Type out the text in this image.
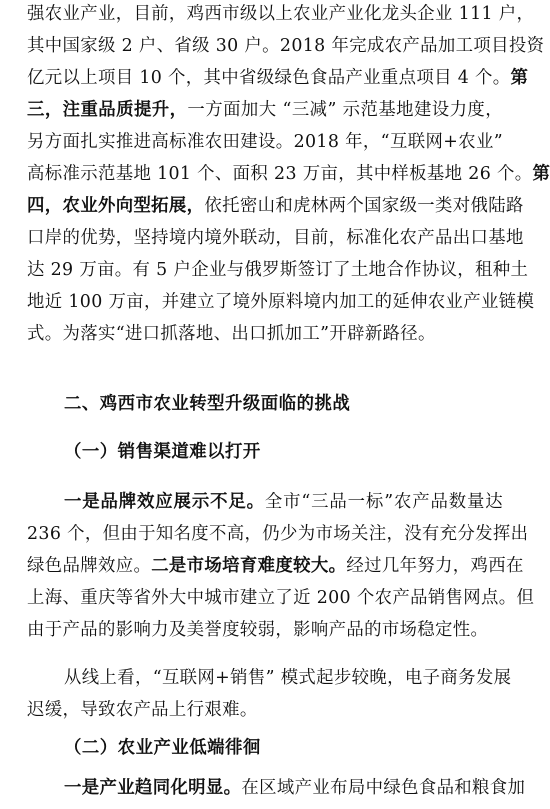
强农业产业，目前，鸡西市级以上农业产业化龙头企业 111 户，
其中国家级 2 户、省级 30 户。2018 年完成农产品加工项目投资
亿元以上项目 10 个，其中省级绿色食品产业重点项目 4 个。第
三，注重品质提升，一方面加大 “三减” 示范基地建设力度，
另方面扎实推进高标准农田建设。2018 年，“互联网+农业”
高标准示范基地 101 个、面积 23 万亩，其中样板基地 26 个。第
四，农业外向型拓展，依托密山和虎林两个国家级一类对俄陆路
口岸的优势，坚持境内境外联动，目前，标准化农产品出口基地
达 29 万亩。有 5 户企业与俄罗斯签订了土地合作协议，租种土
地近 100 万亩，并建立了境外原料境内加工的延伸农业产业链模
式。为落实“进口抓落地、出口抓加工”开辟新路径。
二、鸡西市农业转型升级面临的挑战
（一）销售渠道难以打开
一是品牌效应展示不足。全市“三品一标”农产品数量达
236 个，但由于知名度不高，仍少为市场关注，没有充分发挥出
绿色品牌效应。二是市场培育难度较大。经过几年努力，鸡西在
上海、重庆等省外大中城市建立了近 200 个农产品销售网点。但
由于产品的影响力及美誉度较弱，影响产品的市场稳定性。
从线上看，“互联网+销售” 模式起步较晚，电子商务发展
迟缓，导致农产品上行艰难。
（二）农业产业低端徘徊
一是产业趋同化明显。在区域产业布局中绿色食品和粮食加
